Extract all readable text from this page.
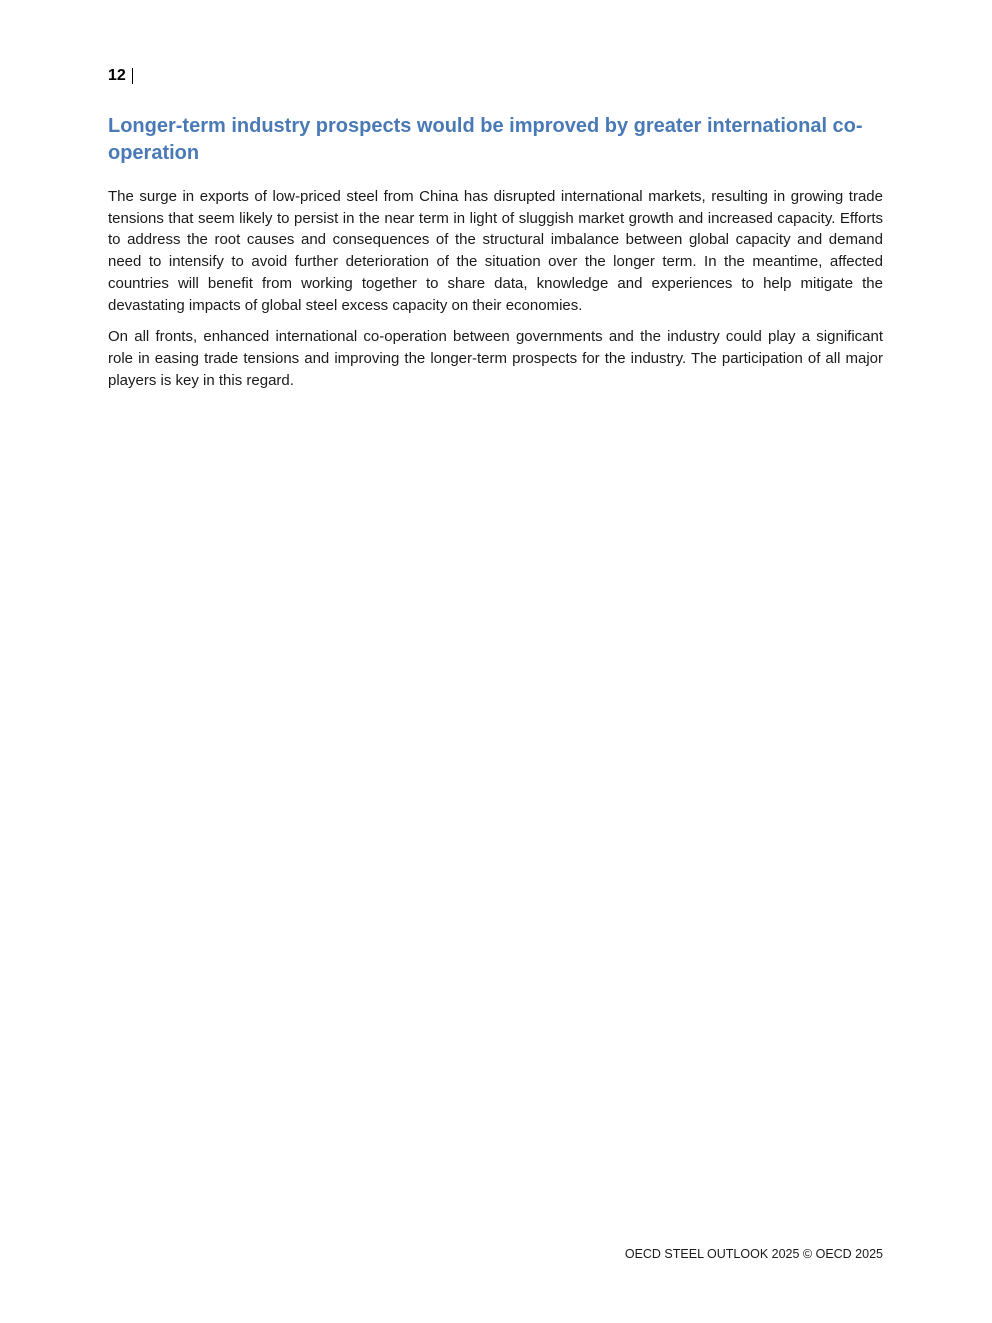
12
Longer-term industry prospects would be improved by greater international co-operation

The surge in exports of low-priced steel from China has disrupted international markets, resulting in growing trade tensions that seem likely to persist in the near term in light of sluggish market growth and increased capacity. Efforts to address the root causes and consequences of the structural imbalance between global capacity and demand need to intensify to avoid further deterioration of the situation over the longer term. In the meantime, affected countries will benefit from working together to share data, knowledge and experiences to help mitigate the devastating impacts of global steel excess capacity on their economies.

On all fronts, enhanced international co-operation between governments and the industry could play a significant role in easing trade tensions and improving the longer-term prospects for the industry. The participation of all major players is key in this regard.

OECD STEEL OUTLOOK 2025 © OECD 2025
